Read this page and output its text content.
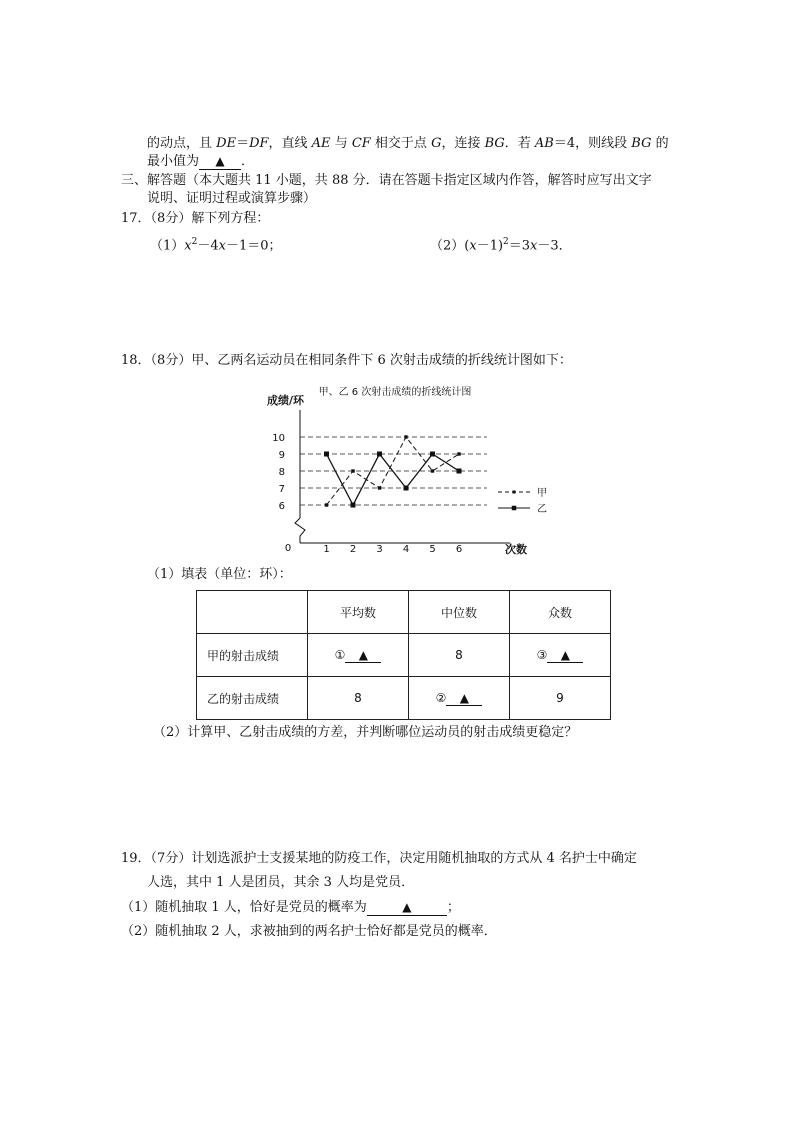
的动点，且 DE＝DF，直线 AE 与 CF 相交于点 G，连接 BG．若 AB＝4，则线段 BG 的
最小值为 ▲ ．
三、解答题（本大题共 11 小题，共 88 分．请在答题卡指定区域内作答，解答时应写出文字
说明、证明过程或演算步骤）
17．（8分）解下列方程：
$(1)x^2-4x-1=0$；	$(2)(x-1)^2=3x-3$．
18．（8分）甲、乙两名运动员在相同条件下 6 次射击成绩的折线统计图如下：
甲、乙 6 次射击成绩的折线统计图
成绩/环
次数
0
6
7
8
9
10
1 2 3 4 5 6
甲
乙
（1）填表（单位：环）：
	平均数	中位数	众数
甲的射击成绩	① ▲	8	③ ▲
乙的射击成绩	8	② ▲	9
（2）计算甲、乙射击成绩的方差，并判断哪位运动员的射击成绩更稳定？
19．（7分）计划选派护士支援某地的防疫工作，决定用随机抽取的方式从 4 名护士中确定
人选，其中 1 人是团员，其余 3 人均是党员．
（1）随机抽取 1 人，恰好是党员的概率为	▲	；
（2）随机抽取 2 人，求被抽到的两名护士恰好都是党员的概率．
